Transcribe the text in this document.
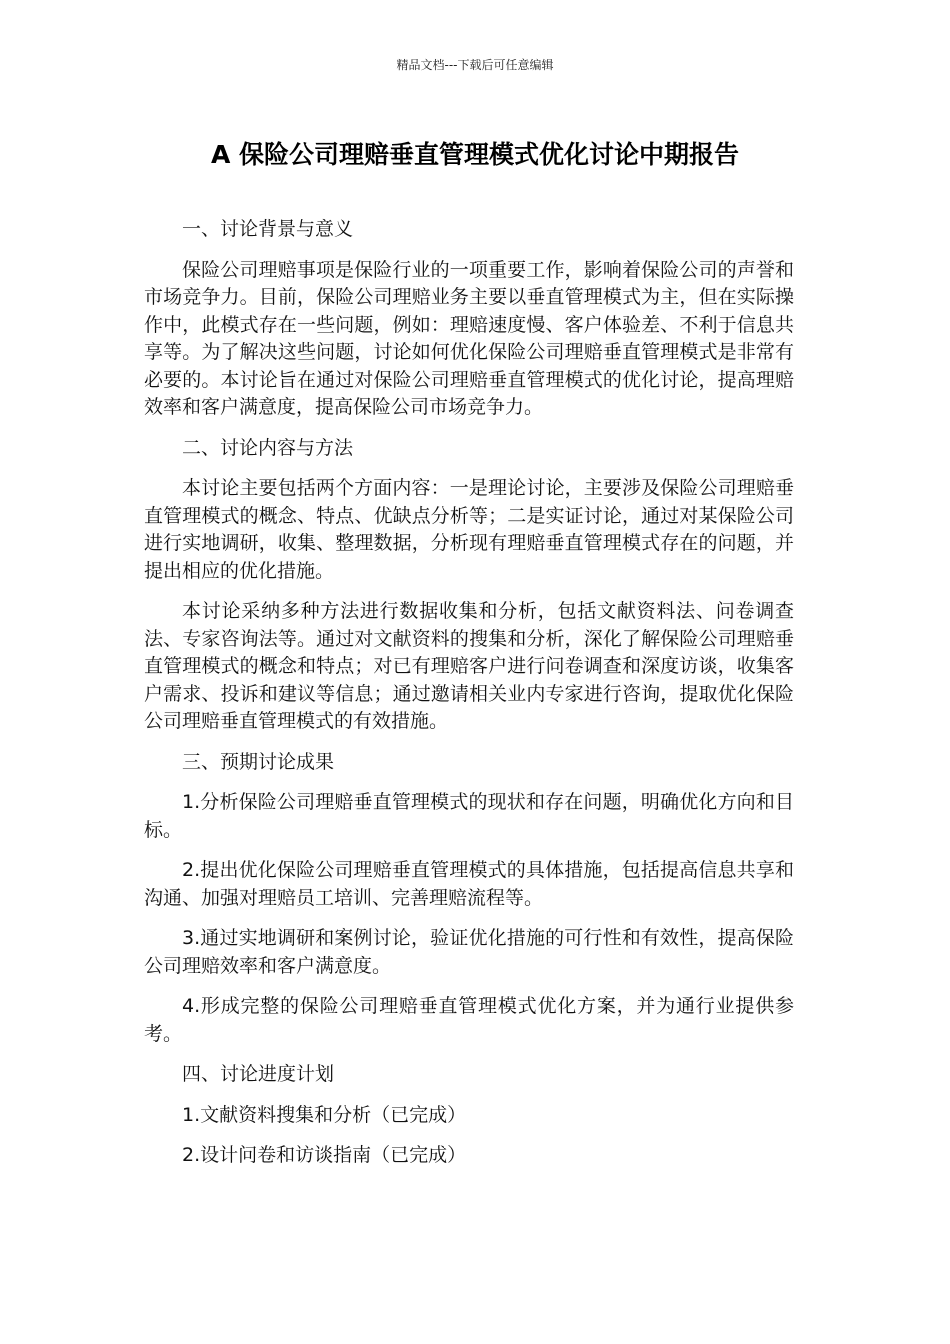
精品文档---下载后可任意编辑
A 保险公司理赔垂直管理模式优化讨论中期报告

一、讨论背景与意义

保险公司理赔事项是保险行业的一项重要工作，影响着保险公司的声誉和市场竞争力。目前，保险公司理赔业务主要以垂直管理模式为主，但在实际操作中，此模式存在一些问题，例如：理赔速度慢、客户体验差、不利于信息共享等。为了解决这些问题，讨论如何优化保险公司理赔垂直管理模式是非常有必要的。本讨论旨在通过对保险公司理赔垂直管理模式的优化讨论，提高理赔效率和客户满意度，提高保险公司市场竞争力。

二、讨论内容与方法

本讨论主要包括两个方面内容：一是理论讨论，主要涉及保险公司理赔垂直管理模式的概念、特点、优缺点分析等；二是实证讨论，通过对某保险公司进行实地调研，收集、整理数据，分析现有理赔垂直管理模式存在的问题，并提出相应的优化措施。

本讨论采纳多种方法进行数据收集和分析，包括文献资料法、问卷调查法、专家咨询法等。通过对文献资料的搜集和分析，深化了解保险公司理赔垂直管理模式的概念和特点；对已有理赔客户进行问卷调查和深度访谈，收集客户需求、投诉和建议等信息；通过邀请相关业内专家进行咨询，提取优化保险公司理赔垂直管理模式的有效措施。

三、预期讨论成果

1.分析保险公司理赔垂直管理模式的现状和存在问题，明确优化方向和目标。

2.提出优化保险公司理赔垂直管理模式的具体措施，包括提高信息共享和沟通、加强对理赔员工培训、完善理赔流程等。

3.通过实地调研和案例讨论，验证优化措施的可行性和有效性，提高保险公司理赔效率和客户满意度。

4.形成完整的保险公司理赔垂直管理模式优化方案，并为通行业提供参考。

四、讨论进度计划

1.文献资料搜集和分析（已完成）

2.设计问卷和访谈指南（已完成）
